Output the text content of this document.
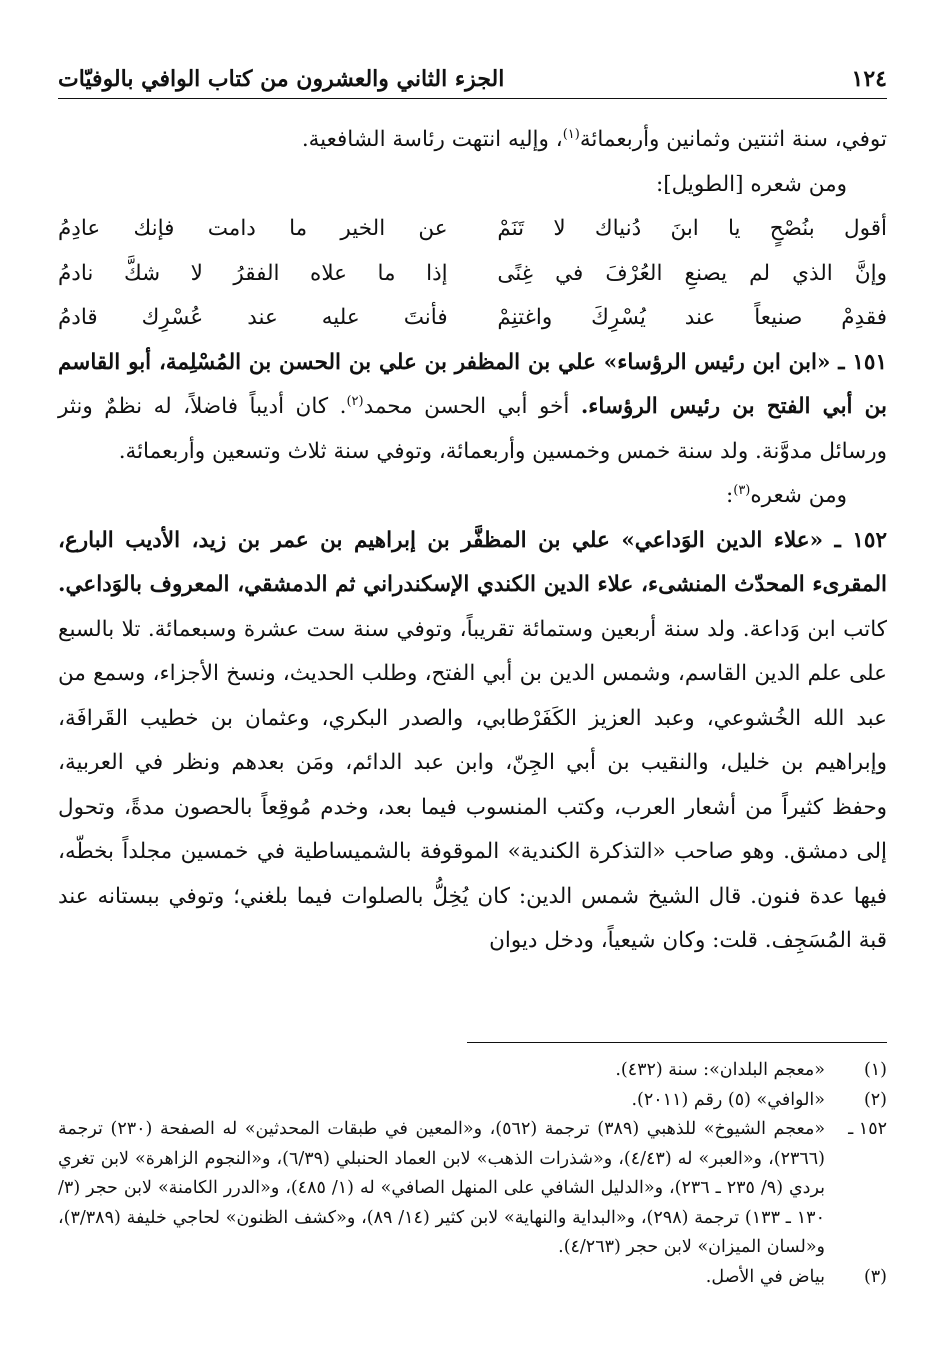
١٢٤
الجزء الثاني والعشرون من كتاب الوافي بالوفيّات

توفي، سنة اثنتين وثمانين وأربعمائة$^{(١)}$، وإليه انتهت رئاسة الشافعية.

ومن شعره [الطويل]:

أقول بنُصْحٍ يا ابنَ دُنياك لا تَنَمْ
عن الخير ما دامت فإنك عادِمُ
وإنَّ الذي لم يصنعِ العُرْفَ في غِنًى
إذا ما علاه الفقرُ لا شكَّ نادمُ
فقدِمْ صنيعاً عند يُسْرِكَ واغتنِمْ
فأنتَ عليه عند عُسْرِك قادمُ

١٥١ ـ «ابن ابن رئيس الرؤساء» علي بن المظفر بن علي بن الحسن بن المُسْلِمة، أبو القاسم بن أبي الفتح بن رئيس الرؤساء. أخو أبي الحسن محمد$^{(٢)}$. كان أديباً فاضلاً، له نظمٌ ونثر ورسائل مدوَّنة. ولد سنة خمس وخمسين وأربعمائة، وتوفي سنة ثلاث وتسعين وأربعمائة.

ومن شعره$^{(٣)}$:

١٥٢ ـ «علاء الدين الوَداعي» علي بن المظفَّر بن إبراهيم بن عمر بن زيد، الأديب البارع، المقرىء المحدّث المنشىء، علاء الدين الكندي الإسكندراني ثم الدمشقي، المعروف بالوَداعي. كاتب ابن وَداعة. ولد سنة أربعين وستمائة تقريباً، وتوفي سنة ست عشرة وسبعمائة. تلا بالسبع على علم الدين القاسم، وشمس الدين بن أبي الفتح، وطلب الحديث، ونسخ الأجزاء، وسمع من عبد الله الخُشوعي، وعبد العزيز الكَفَرْطابي، والصدر البكري، وعثمان بن خطيب القَرافَة، وإبراهيم بن خليل، والنقيب بن أبي الجِنّ، وابن عبد الدائم، ومَن بعدهم ونظر في العربية، وحفظ كثيراً من أشعار العرب، وكتب المنسوب فيما بعد، وخدم مُوقِعاً بالحصون مدةً، وتحول إلى دمشق. وهو صاحب «التذكرة الكندية» الموقوفة بالشميساطية في خمسين مجلداً بخطّه، فيها عدة فنون. قال الشيخ شمس الدين: كان يُخِلُّ بالصلوات فيما بلغني؛ وتوفي ببستانه عند قبة المُسَجِف. قلت: وكان شيعياً، ودخل ديوان

(١)
«معجم البلدان»: سنة (٤٣٢).
(٢)
«الوافي» (٥) رقم (٢٠١١).
١٥٢ ـ
«معجم الشيوخ» للذهبي (٣٨٩) ترجمة (٥٦٢)، و«المعين في طبقات المحدثين» له الصفحة (٢٣٠) ترجمة (٢٣٦٦)، و«العبر» له (٤/٤٣)، و«شذرات الذهب» لابن العماد الحنبلي (٦/٣٩)، و«النجوم الزاهرة» لابن تغري بردي (٩/ ٢٣٥ ـ ٢٣٦)، و«الدليل الشافي على المنهل الصافي» له (١/ ٤٨٥)، و«الدرر الكامنة» لابن حجر (٣/ ١٣٠ ـ ١٣٣) ترجمة (٢٩٨)، و«البداية والنهاية» لابن كثير (١٤/ ٨٩)، و«كشف الظنون» لحاجي خليفة (٣/٣٨٩)، و«لسان الميزان» لابن حجر (٤/٢٦٣).
(٣)
بياض في الأصل.
